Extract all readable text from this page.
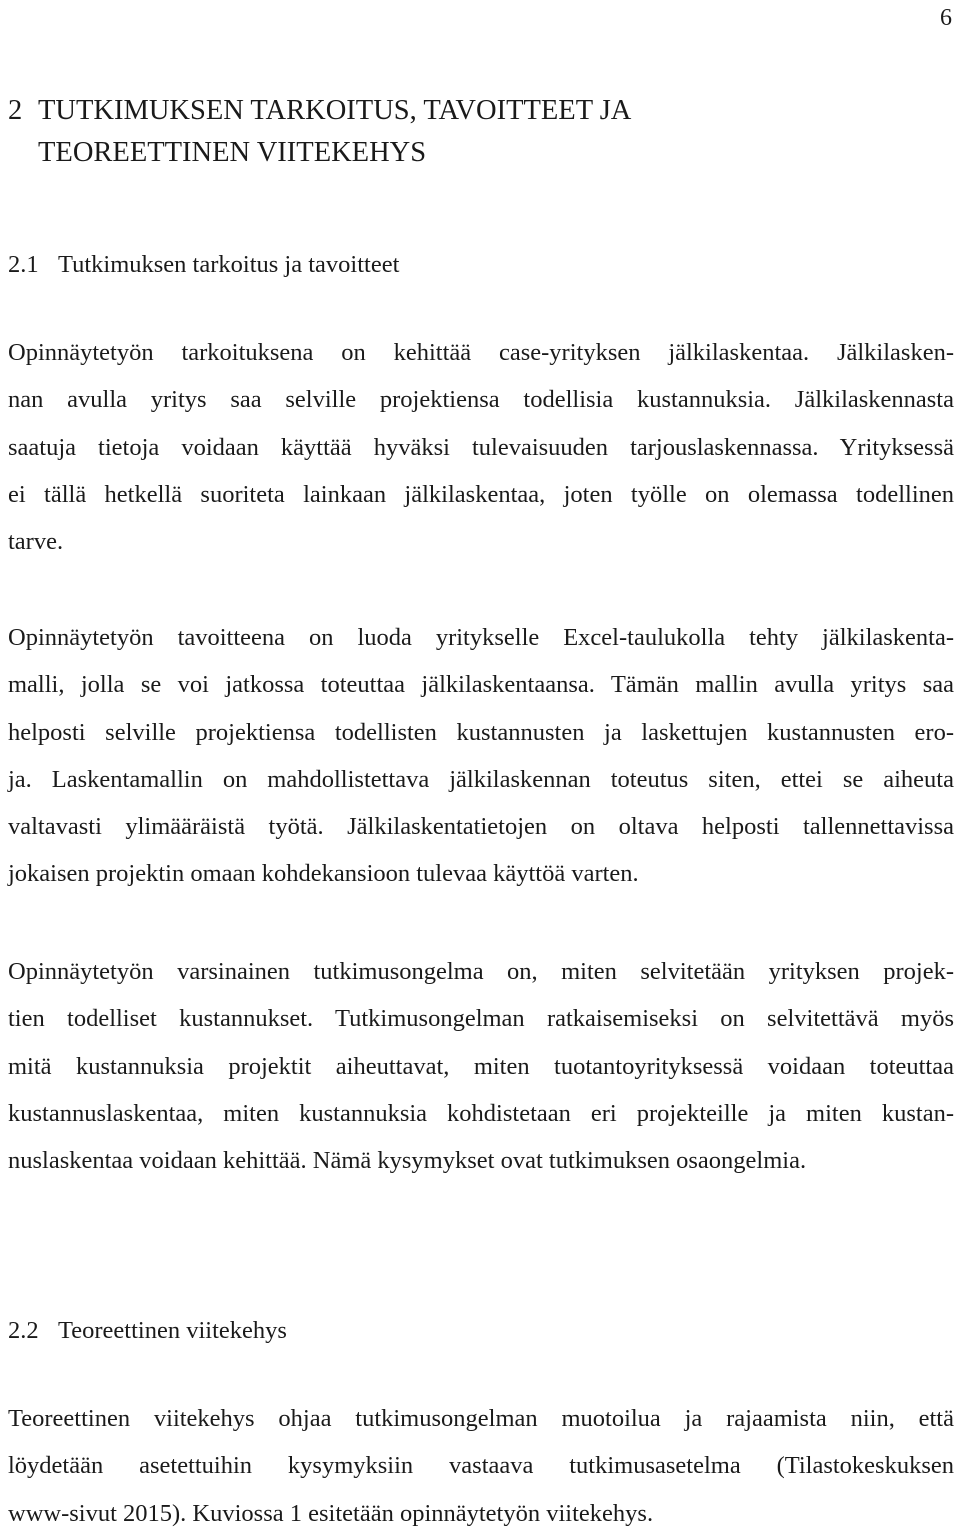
6
2 TUTKIMUKSEN TARKOITUS, TAVOITTEET JA
TEOREETTINEN VIITEKEHYS
2.1 Tutkimuksen tarkoitus ja tavoitteet

Opinnäytetyön tarkoituksena on kehittää case-yrityksen jälkilaskentaa. Jälkilasken-
nan avulla yritys saa selville projektiensa todellisia kustannuksia. Jälkilaskennasta
saatuja tietoja voidaan käyttää hyväksi tulevaisuuden tarjouslaskennassa. Yrityksessä
ei tällä hetkellä suoriteta lainkaan jälkilaskentaa, joten työlle on olemassa todellinen
tarve.

Opinnäytetyön tavoitteena on luoda yritykselle Excel-taulukolla tehty jälkilaskenta-
malli, jolla se voi jatkossa toteuttaa jälkilaskentaansa. Tämän mallin avulla yritys saa
helposti selville projektiensa todellisten kustannusten ja laskettujen kustannusten ero-
ja. Laskentamallin on mahdollistettava jälkilaskennan toteutus siten, ettei se aiheuta
valtavasti ylimääräistä työtä. Jälkilaskentatietojen on oltava helposti tallennettavissa
jokaisen projektin omaan kohdekansioon tulevaa käyttöä varten.

Opinnäytetyön varsinainen tutkimusongelma on, miten selvitetään yrityksen projek-
tien todelliset kustannukset. Tutkimusongelman ratkaisemiseksi on selvitettävä myös
mitä kustannuksia projektit aiheuttavat, miten tuotantoyrityksessä voidaan toteuttaa
kustannuslaskentaa, miten kustannuksia kohdistetaan eri projekteille ja miten kustan-
nuslaskentaa voidaan kehittää. Nämä kysymykset ovat tutkimuksen osaongelmia.

2.2 Teoreettinen viitekehys

Teoreettinen viitekehys ohjaa tutkimusongelman muotoilua ja rajaamista niin, että
löydetään asetettuihin kysymyksiin vastaava tutkimusasetelma (Tilastokeskuksen
www-sivut 2015). Kuviossa 1 esitetään opinnäytetyön viitekehys.
